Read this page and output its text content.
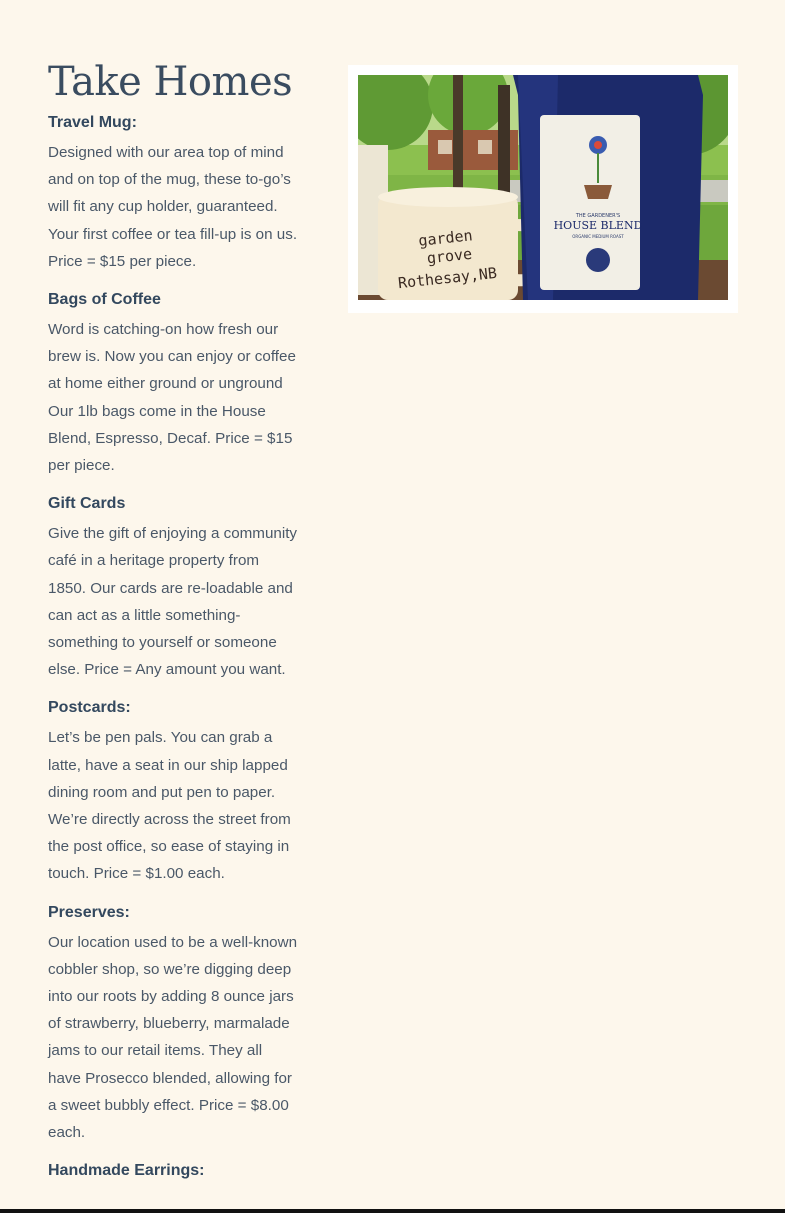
Take Homes
Travel Mug:
Designed with our area top of mind and on top of the mug, these to-go’s will fit any cup holder, guaranteed. Your first coffee or tea fill-up is on us. Price = $15 per piece.
Bags of Coffee
Word is catching-on how fresh our brew is. Now you can enjoy or coffee at home either ground or unground Our 1lb bags come in the House Blend, Espresso, Decaf. Price = $15 per piece.
Gift Cards
Give the gift of enjoying a community café in a heritage property from 1850. Our cards are re-loadable and can act as a little something-something to yourself or someone else. Price = Any amount you want.
Postcards:
Let’s be pen pals. You can grab a latte, have a seat in our ship lapped dining room and put pen to paper. We’re directly across the street from the post office, so ease of staying in touch. Price = $1.00 each.
Preserves:
Our location used to be a well-known cobbler shop, so we’re digging deep into our roots by adding 8 ounce jars of strawberry, blueberry, marmalade jams to our retail items. They all have Prosecco blended, allowing for a sweet bubbly effect. Price = $8.00 each.
Handmade Earrings:
garden
grove
Rothesay,NB
THE GARDENER'S
HOUSE BLEND
ORGANIC MEDIUM ROAST
